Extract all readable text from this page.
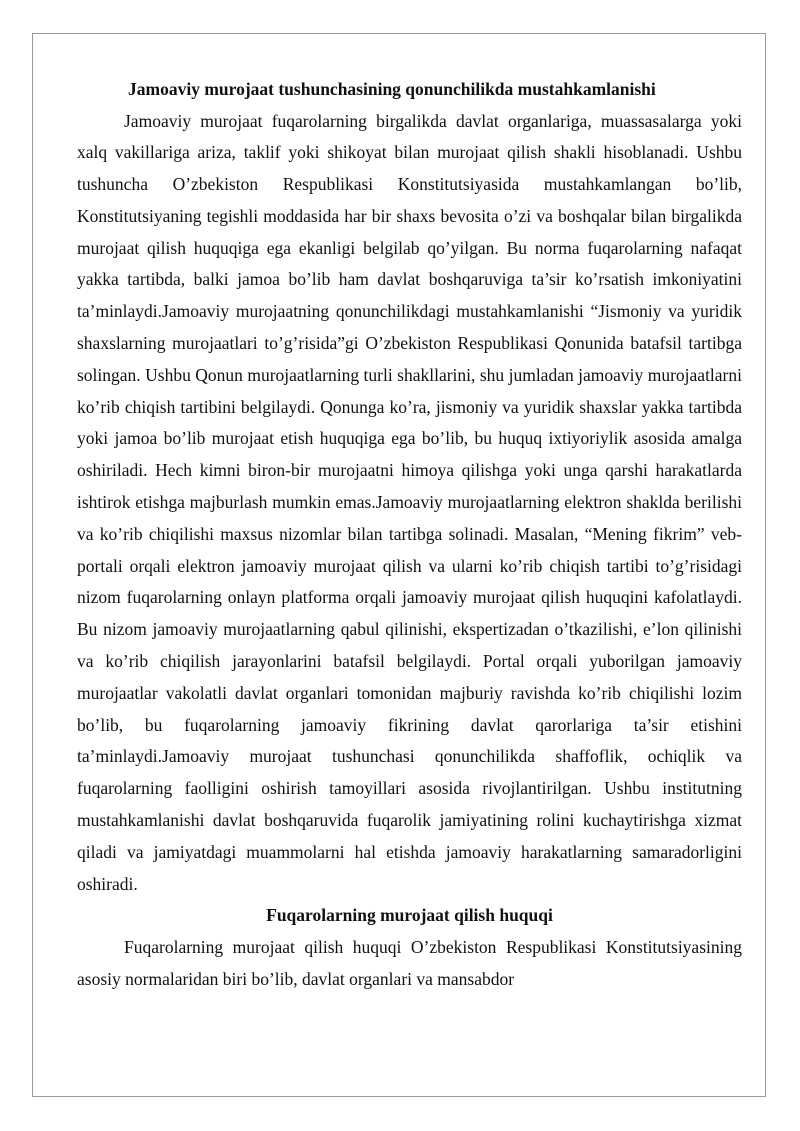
Jamoaviy murojaat tushunchasining qonunchilikda mustahkamlanishi

Jamoaviy murojaat fuqarolarning birgalikda davlat organlariga, muassasalarga yoki xalq vakillariga ariza, taklif yoki shikoyat bilan murojaat qilish shakli hisoblanadi. Ushbu tushuncha O’zbekiston Respublikasi Konstitutsiyasida mustahkamlangan bo’lib, Konstitutsiyaning tegishli moddasida har bir shaxs bevosita o’zi va boshqalar bilan birgalikda murojaat qilish huquqiga ega ekanligi belgilab qo’yilgan. Bu norma fuqarolarning nafaqat yakka tartibda, balki jamoa bo’lib ham davlat boshqaruviga ta’sir ko’rsatish imkoniyatini ta’minlaydi.Jamoaviy murojaatning qonunchilikdagi mustahkamlanishi “Jismoniy va yuridik shaxslarning murojaatlari to’g’risida”gi O’zbekiston Respublikasi Qonunida batafsil tartibga solingan. Ushbu Qonun murojaatlarning turli shakllarini, shu jumladan jamoaviy murojaatlarni ko’rib chiqish tartibini belgilaydi. Qonunga ko’ra, jismoniy va yuridik shaxslar yakka tartibda yoki jamoa bo’lib murojaat etish huquqiga ega bo’lib, bu huquq ixtiyoriylik asosida amalga oshiriladi. Hech kimni biron-bir murojaatni himoya qilishga yoki unga qarshi harakatlarda ishtirok etishga majburlash mumkin emas.Jamoaviy murojaatlarning elektron shaklda berilishi va ko’rib chiqilishi maxsus nizomlar bilan tartibga solinadi. Masalan, “Mening fikrim” veb-portali orqali elektron jamoaviy murojaat qilish va ularni ko’rib chiqish tartibi to’g’risidagi nizom fuqarolarning onlayn platforma orqali jamoaviy murojaat qilish huquqini kafolatlaydi. Bu nizom jamoaviy murojaatlarning qabul qilinishi, ekspertizadan o’tkazilishi, e’lon qilinishi va ko’rib chiqilish jarayonlarini batafsil belgilaydi. Portal orqali yuborilgan jamoaviy murojaatlar vakolatli davlat organlari tomonidan majburiy ravishda ko’rib chiqilishi lozim bo’lib, bu fuqarolarning jamoaviy fikrining davlat qarorlariga ta’sir etishini ta’minlaydi.Jamoaviy murojaat tushunchasi qonunchilikda shaffoflik, ochiqlik va fuqarolarning faolligini oshirish tamoyillari asosida rivojlantirilgan. Ushbu institutning mustahkamlanishi davlat boshqaruvida fuqarolik jamiyatining rolini kuchaytirishga xizmat qiladi va jamiyatdagi muammolarni hal etishda jamoaviy harakatlarning samaradorligini oshiradi.

Fuqarolarning murojaat qilish huquqi

Fuqarolarning murojaat qilish huquqi O’zbekiston Respublikasi Konstitutsiyasining asosiy normalaridan biri bo’lib, davlat organlari va mansabdor
